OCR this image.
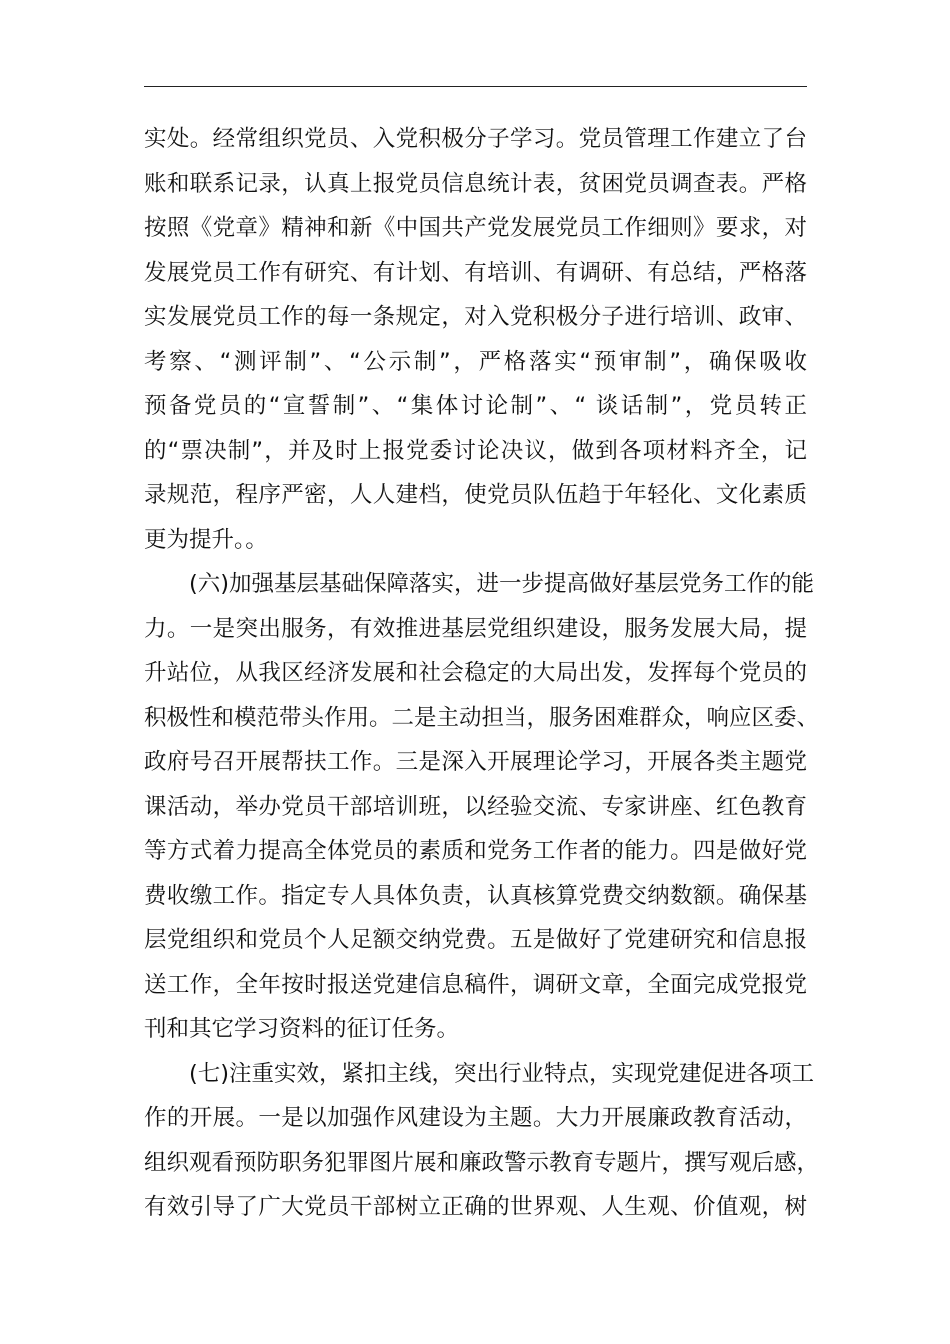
实处。经常组织党员、入党积极分子学习。党员管理工作建立了台
账和联系记录，认真上报党员信息统计表，贫困党员调查表。严格
按照《党章》精神和新《中国共产党发展党员工作细则》要求，对
发展党员工作有研究、有计划、有培训、有调研、有总结，严格落
实发展党员工作的每一条规定，对入党积极分子进行培训、政审、
考察、“测评制”、“公示制”，严格落实“预审制”，确保吸收
预备党员的“宣誓制”、“集体讨论制”、“ 谈话制”，党员转正
的“票决制”，并及时上报党委讨论决议，做到各项材料齐全，记
录规范，程序严密，人人建档，使党员队伍趋于年轻化、文化素质
更为提升。。
(六)加强基层基础保障落实，进一步提高做好基层党务工作的能
力。一是突出服务，有效推进基层党组织建设，服务发展大局，提
升站位，从我区经济发展和社会稳定的大局出发，发挥每个党员的
积极性和模范带头作用。二是主动担当，服务困难群众，响应区委、
政府号召开展帮扶工作。三是深入开展理论学习，开展各类主题党
课活动，举办党员干部培训班，以经验交流、专家讲座、红色教育
等方式着力提高全体党员的素质和党务工作者的能力。四是做好党
费收缴工作。指定专人具体负责，认真核算党费交纳数额。确保基
层党组织和党员个人足额交纳党费。五是做好了党建研究和信息报
送工作，全年按时报送党建信息稿件，调研文章，全面完成党报党
刊和其它学习资料的征订任务。
(七)注重实效，紧扣主线，突出行业特点，实现党建促进各项工
作的开展。一是以加强作风建设为主题。大力开展廉政教育活动，
组织观看预防职务犯罪图片展和廉政警示教育专题片，撰写观后感，
有效引导了广大党员干部树立正确的世界观、人生观、价值观，树
